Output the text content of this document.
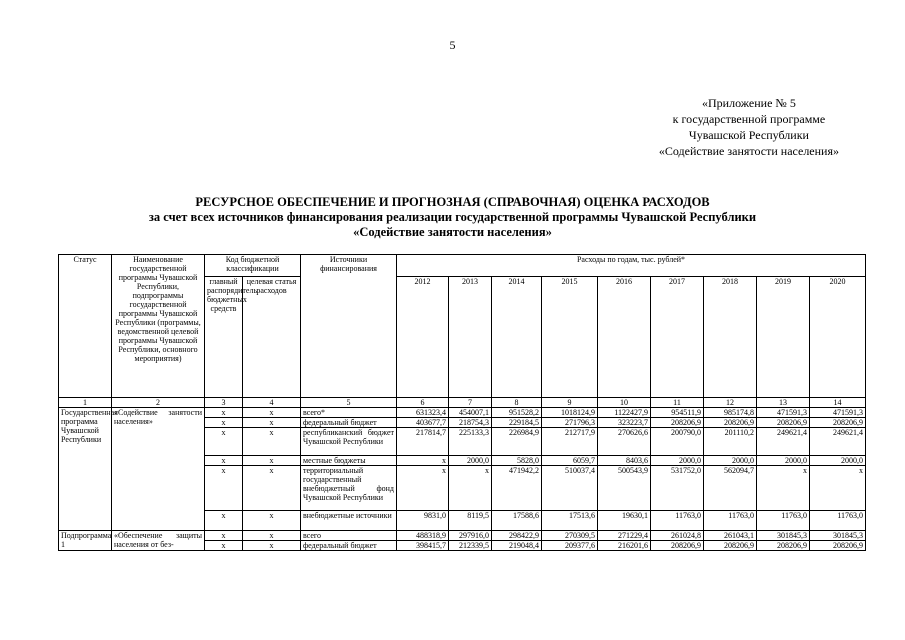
5
«Приложение № 5
к государственной программе
Чувашской Республики
«Содействие занятости населения»
РЕСУРСНОЕ ОБЕСПЕЧЕНИЕ И ПРОГНОЗНАЯ (СПРАВОЧНАЯ) ОЦЕНКА РАСХОДОВ
за счет всех источников финансирования реализации государственной программы Чувашской Республики
«Содействие занятости населения»
Статус	Наименование государственной программы Чувашской Республики, подпрограммы государственной программы Чувашской Республики (программы, ведомственной целевой программы Чувашской Республики, основного мероприятия)	Код бюджетной классификации		Источники финансирования	Расходы по годам, тыс. рублей*								
		главный распорядитель бюджетных средств	целевая статья расходов		2012	2013	2014	2015	2016	2017	2018	2019	2020
1	2	3	4	5	6	7	8	9	10	11	12	13	14
Государственная программа Чувашской Республики	«Содействие занятости населения»	х	х	всего*	631323,4	454007,1	951528,2	1018124,9	1122427,9	954511,9	985174,8	471591,3	471591,3
		х	х	федеральный бюджет	403677,7	218754,3	229184,5	271796,3	323223,7	208206,9	208206,9	208206,9	208206,9
		х	х	республиканский бюджет Чувашской Республики	217814,7	225133,3	226984,9	212717,9	270626,6	200790,0	201110,2	249621,4	249621,4
		х	х	местные бюджеты	х	2000,0	5828,0	6059,7	8403,6	2000,0	2000,0	2000,0	2000,0
		х	х	территориальный государственный внебюджетный фонд Чувашской Республики	х	х	471942,2	510037,4	500543,9	531752,0	562094,7	х	х
		х	х	внебюджетные источники	9831,0	8119,5	17588,6	17513,6	19630,1	11763,0	11763,0	11763,0	11763,0
Подпрограмма 1	«Обеспечение защиты населения от без-	х	х	всего	488318,9	297916,0	298422,9	270309,5	271229,4	261024,8	261043,1	301845,3	301845,3
		х	х	федеральный бюджет	398415,7	212339,5	219048,4	209377,6	216201,6	208206,9	208206,9	208206,9	208206,9
